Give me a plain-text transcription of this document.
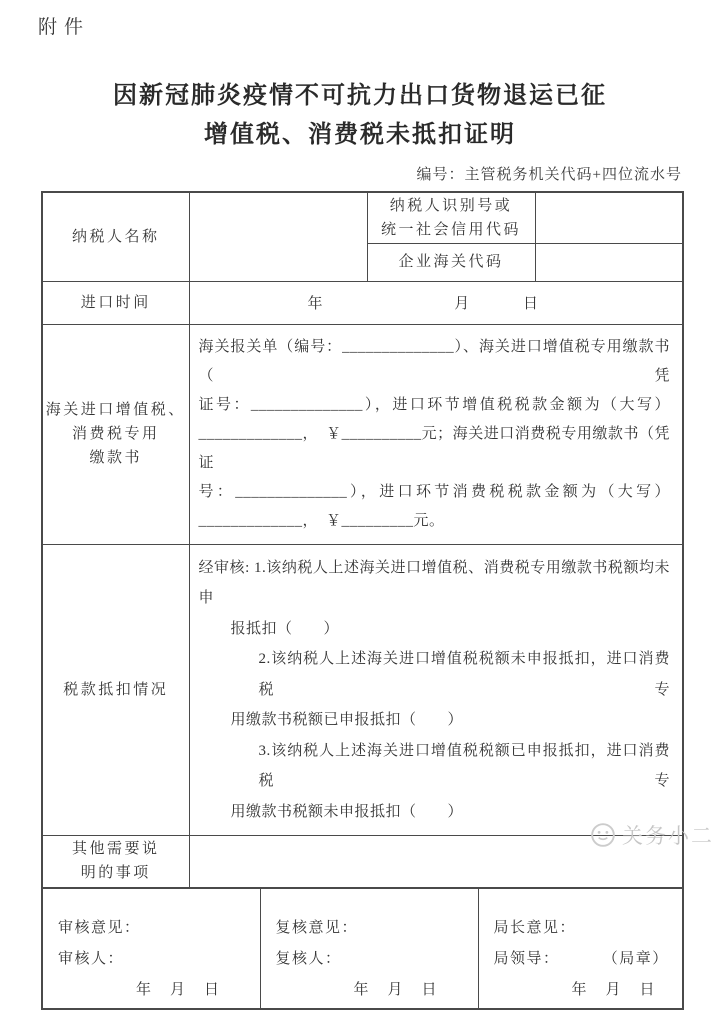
附件
因新冠肺炎疫情不可抗力出口货物退运已征
增值税、消费税未抵扣证明
编号：主管税务机关代码+四位流水号
纳税人名称		纳税人识别号或
统一社会信用代码	

		企业海关代码	
进口时间	年 月 日		

海关进口增值税、
消费税专用
缴款书

海关报关单（编号：______________）、海关进口增值税专用缴款书（凭
证号：______________），进口环节增值税税款金额为（大写）
_____________，　￥__________元；海关进口消费税专用缴款书（凭证
号：______________），进口环节消费税税款金额为（大写）
_____________，　￥_________元。

税款抵扣情况	
经审核: 1.该纳税人上述海关进口增值税、消费税专用缴款书税额均未申
报抵扣（　　）
2.该纳税人上述海关进口增值税税额未申报抵扣，进口消费税专
用缴款书税额已申报抵扣（　　）
3.该纳税人上述海关进口增值税税额已申报抵扣，进口消费税专
用缴款书税额未申报抵扣（　　）

其他需要说
明的事项			

审核意见：
审核人：
年　月　日

复核意见：
复核人：
年　月　日

局长意见：
局领导：	（局章）
年　月　日
关务小二
